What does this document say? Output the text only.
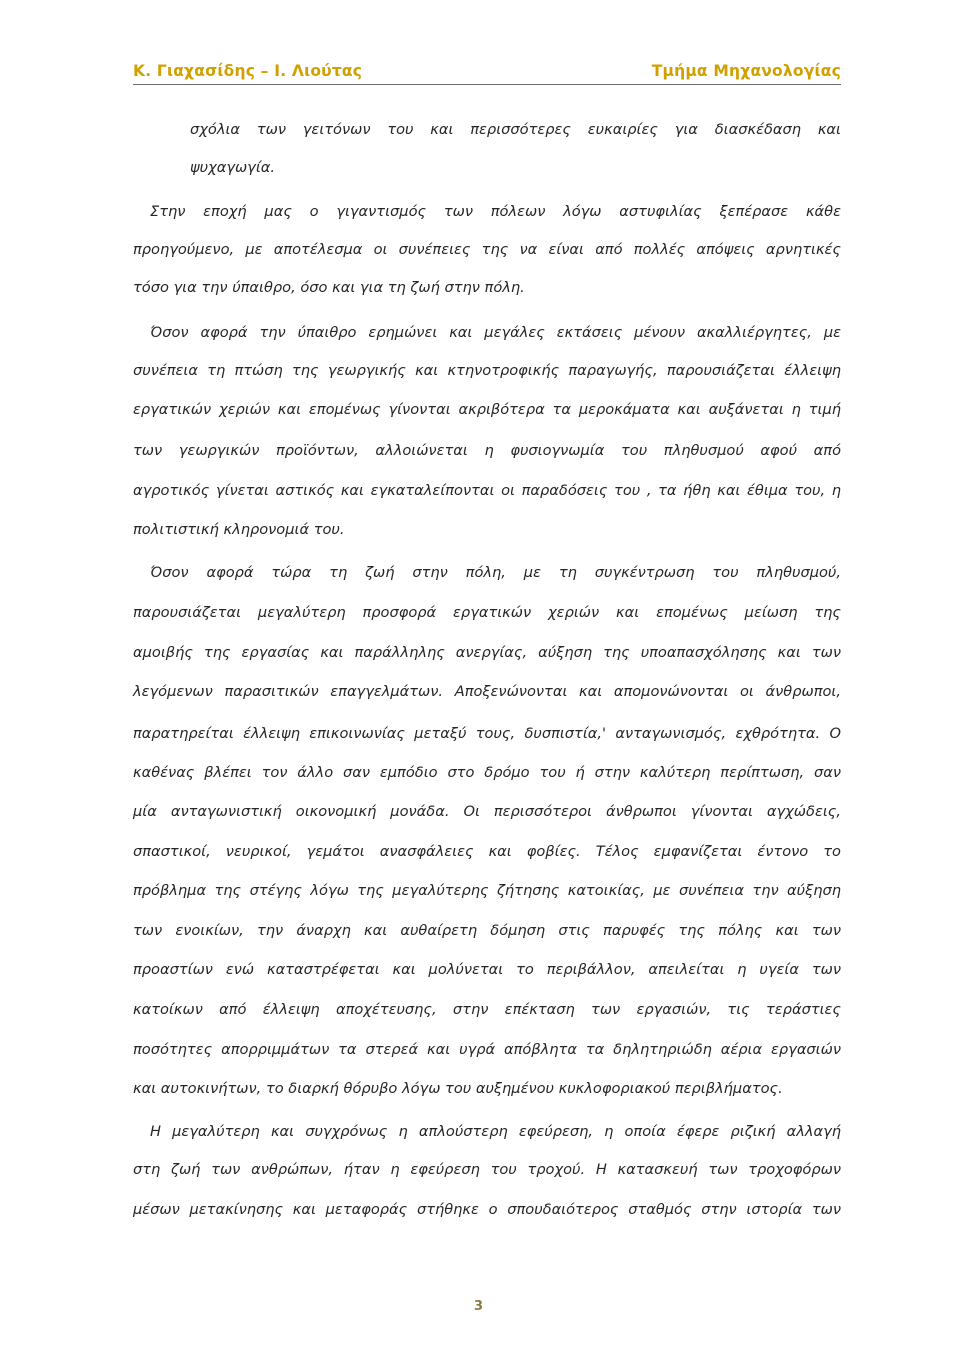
Κ. Γιαχασίδης – Ι. Λιούτας	Τμήμα Μηχανολογίας
σχόλια των γειτόνων του και περισσότερες ευκαιρίες για διασκέδαση και
ψυχαγωγία.
Στην εποχή μας ο γιγαντισμός των πόλεων λόγω αστυφιλίας ξεπέρασε κάθε
προηγούμενο, με αποτέλεσμα οι συνέπειες της να είναι από πολλές απόψεις αρνητικές
τόσο για την ύπαιθρο, όσο και για τη ζωή στην πόλη.
Όσον αφορά την ύπαιθρο ερημώνει και μεγάλες εκτάσεις μένουν ακαλλιέργητες, με
συνέπεια τη πτώση της γεωργικής και κτηνοτροφικής παραγωγής, παρουσιάζεται έλλειψη
εργατικών χεριών και επομένως γίνονται ακριβότερα τα μεροκάματα και αυξάνεται η τιμή
των γεωργικών προϊόντων, αλλοιώνεται η φυσιογνωμία του πληθυσμού αφού από
αγροτικός γίνεται αστικός και εγκαταλείπονται οι παραδόσεις του , τα ήθη και έθιμα του, η
πολιτιστική κληρονομιά του.
Όσον αφορά τώρα τη ζωή στην πόλη, με τη συγκέντρωση του πληθυσμού,
παρουσιάζεται μεγαλύτερη προσφορά εργατικών χεριών και επομένως μείωση της
αμοιβής της εργασίας και παράλληλης ανεργίας, αύξηση της υποαπασχόλησης και των
λεγόμενων παρασιτικών επαγγελμάτων. Αποξενώνονται και απομονώνονται οι άνθρωποι,
παρατηρείται έλλειψη επικοινωνίας μεταξύ τους, δυσπιστία,' ανταγωνισμός, εχθρότητα. Ο
καθένας βλέπει τον άλλο σαν εμπόδιο στο δρόμο του ή στην καλύτερη περίπτωση, σαν
μία ανταγωνιστική οικονομική μονάδα. Οι περισσότεροι άνθρωποι γίνονται αγχώδεις,
σπαστικοί, νευρικοί, γεμάτοι ανασφάλειες και φοβίες. Τέλος εμφανίζεται έντονο το
πρόβλημα της στέγης λόγω της μεγαλύτερης ζήτησης κατοικίας, με συνέπεια την αύξηση
των ενοικίων, την άναρχη και αυθαίρετη δόμηση στις παρυφές της πόλης και των
προαστίων ενώ καταστρέφεται και μολύνεται το περιβάλλον, απειλείται η υγεία των
κατοίκων από έλλειψη αποχέτευσης, στην επέκταση των εργασιών, τις τεράστιες
ποσότητες απορριμμάτων τα στερεά και υγρά απόβλητα τα δηλητηριώδη αέρια εργασιών
και αυτοκινήτων, το διαρκή θόρυβο λόγω του αυξημένου κυκλοφοριακού περιβλήματος.
Η μεγαλύτερη και συγχρόνως η απλούστερη εφεύρεση, η οποία έφερε ριζική αλλαγή
στη ζωή των ανθρώπων, ήταν η εφεύρεση του τροχού. Η κατασκευή των τροχοφόρων
μέσων μετακίνησης και μεταφοράς στήθηκε ο σπουδαιότερος σταθμός στην ιστορία των
3
